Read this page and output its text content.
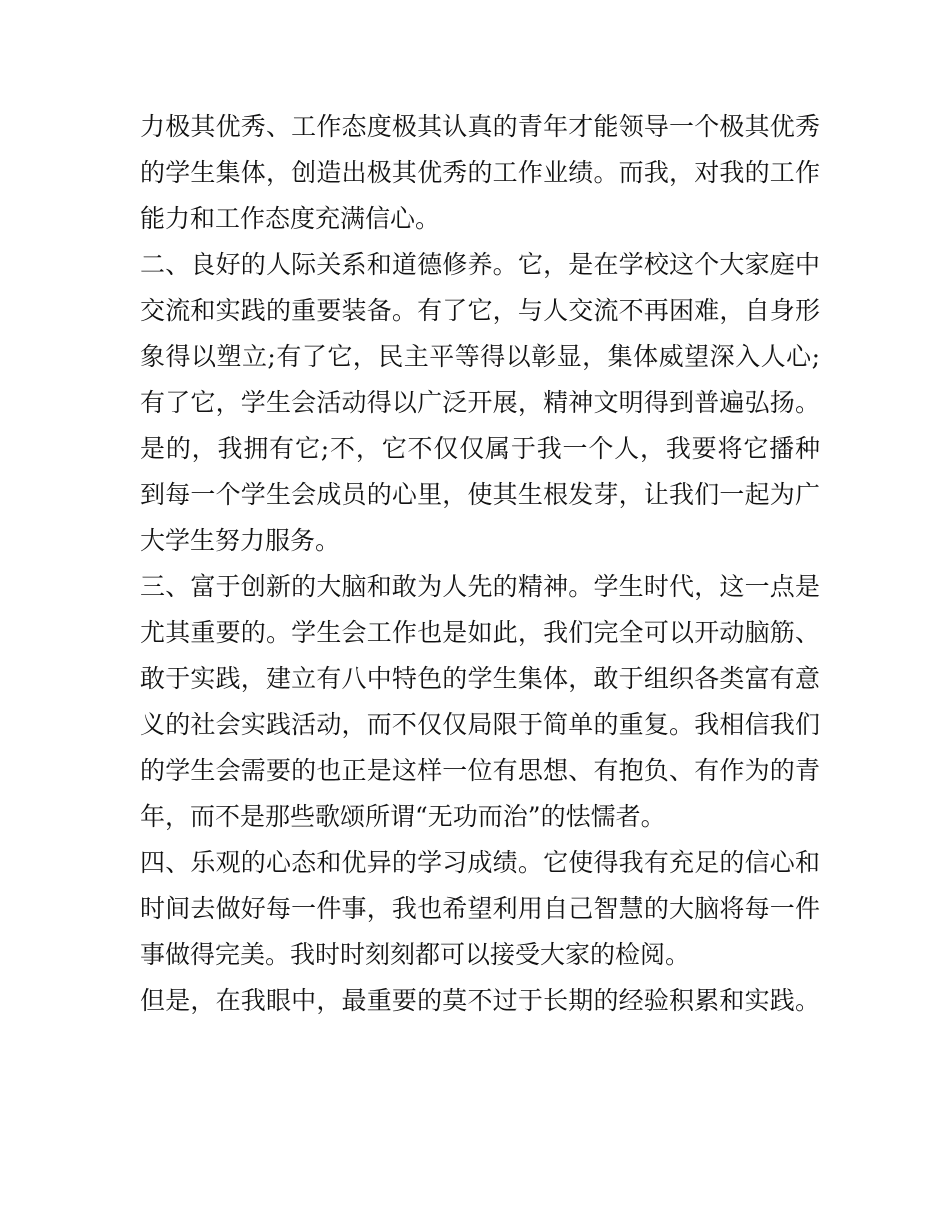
力极其优秀、工作态度极其认真的青年才能领导一个极其优秀
的学生集体，创造出极其优秀的工作业绩。而我，对我的工作
能力和工作态度充满信心。
二、良好的人际关系和道德修养。它，是在学校这个大家庭中
交流和实践的重要装备。有了它，与人交流不再困难，自身形
象得以塑立;有了它，民主平等得以彰显，集体威望深入人心;
有了它，学生会活动得以广泛开展，精神文明得到普遍弘扬。
是的，我拥有它;不，它不仅仅属于我一个人，我要将它播种
到每一个学生会成员的心里，使其生根发芽，让我们一起为广
大学生努力服务。
三、富于创新的大脑和敢为人先的精神。学生时代，这一点是
尤其重要的。学生会工作也是如此，我们完全可以开动脑筋、
敢于实践，建立有八中特色的学生集体，敢于组织各类富有意
义的社会实践活动，而不仅仅局限于简单的重复。我相信我们
的学生会需要的也正是这样一位有思想、有抱负、有作为的青
年，而不是那些歌颂所谓“无功而治”的怯懦者。
四、乐观的心态和优异的学习成绩。它使得我有充足的信心和
时间去做好每一件事，我也希望利用自己智慧的大脑将每一件
事做得完美。我时时刻刻都可以接受大家的检阅。
但是，在我眼中，最重要的莫不过于长期的经验积累和实践。
